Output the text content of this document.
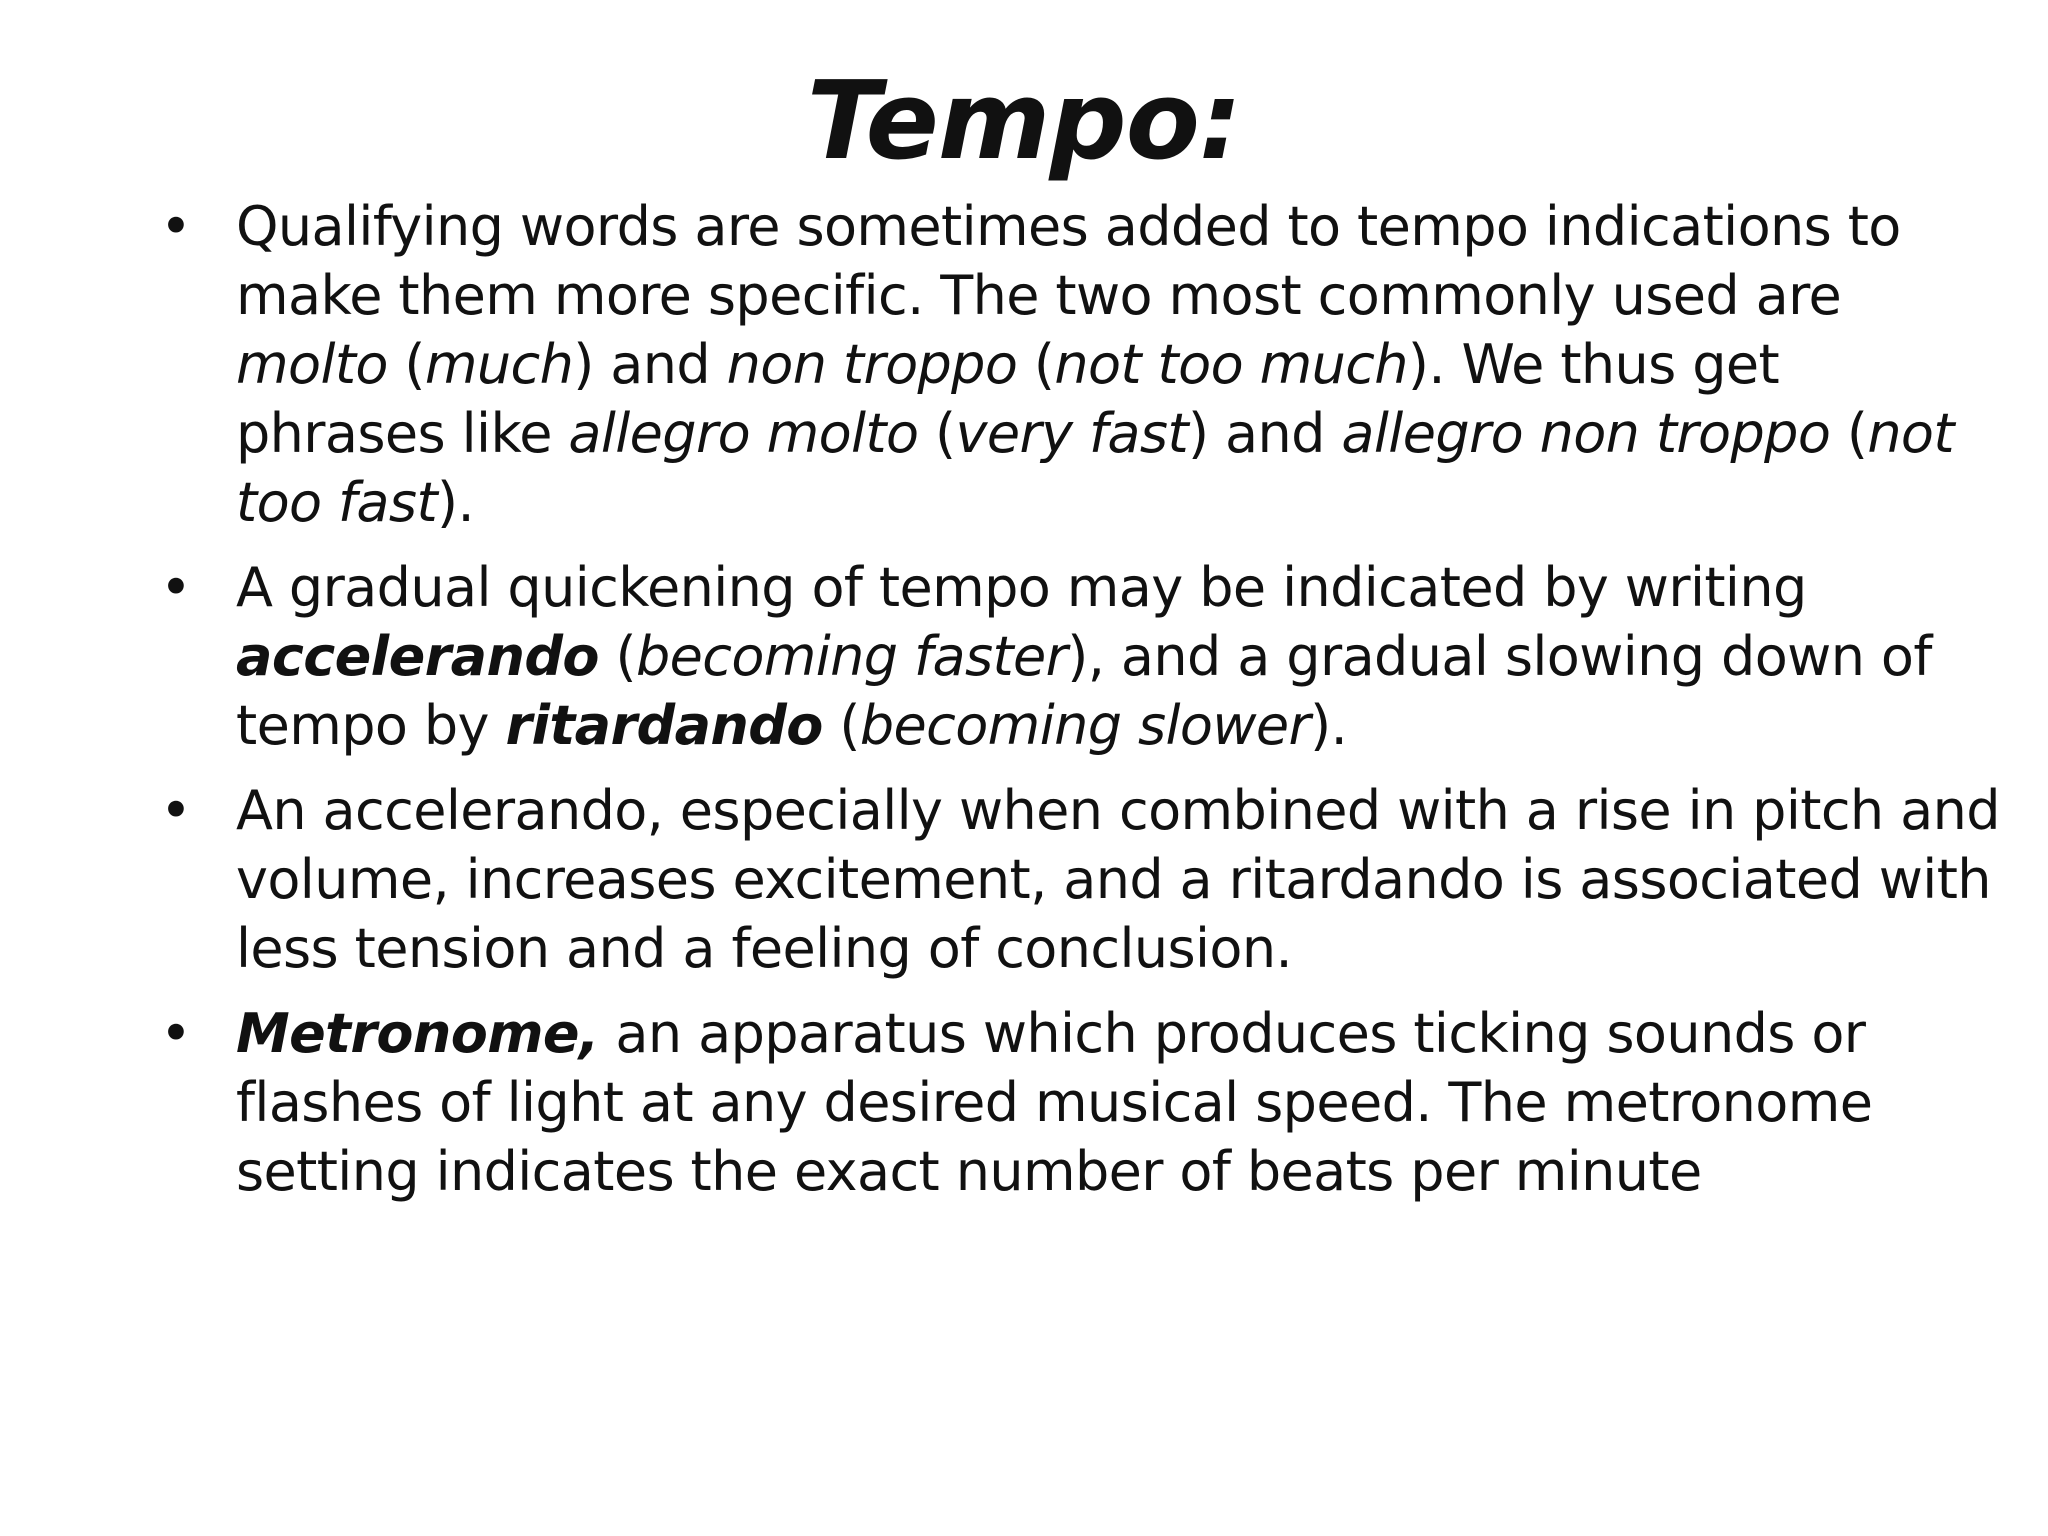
Tempo:
• Qualifying words are sometimes added to tempo indications to make them more specific. The two most commonly used are molto (much) and non troppo (not too much). We thus get phrases like allegro molto (very fast) and allegro non troppo (not too fast).
• A gradual quickening of tempo may be indicated by writing accelerando (becoming faster), and a gradual slowing down of tempo by ritardando (becoming slower).
• An accelerando, especially when combined with a rise in pitch and volume, increases excitement, and a ritardando is associated with less tension and a feeling of conclusion.
• Metronome, an apparatus which produces ticking sounds or flashes of light at any desired musical speed. The metronome setting indicates the exact number of beats per minute
